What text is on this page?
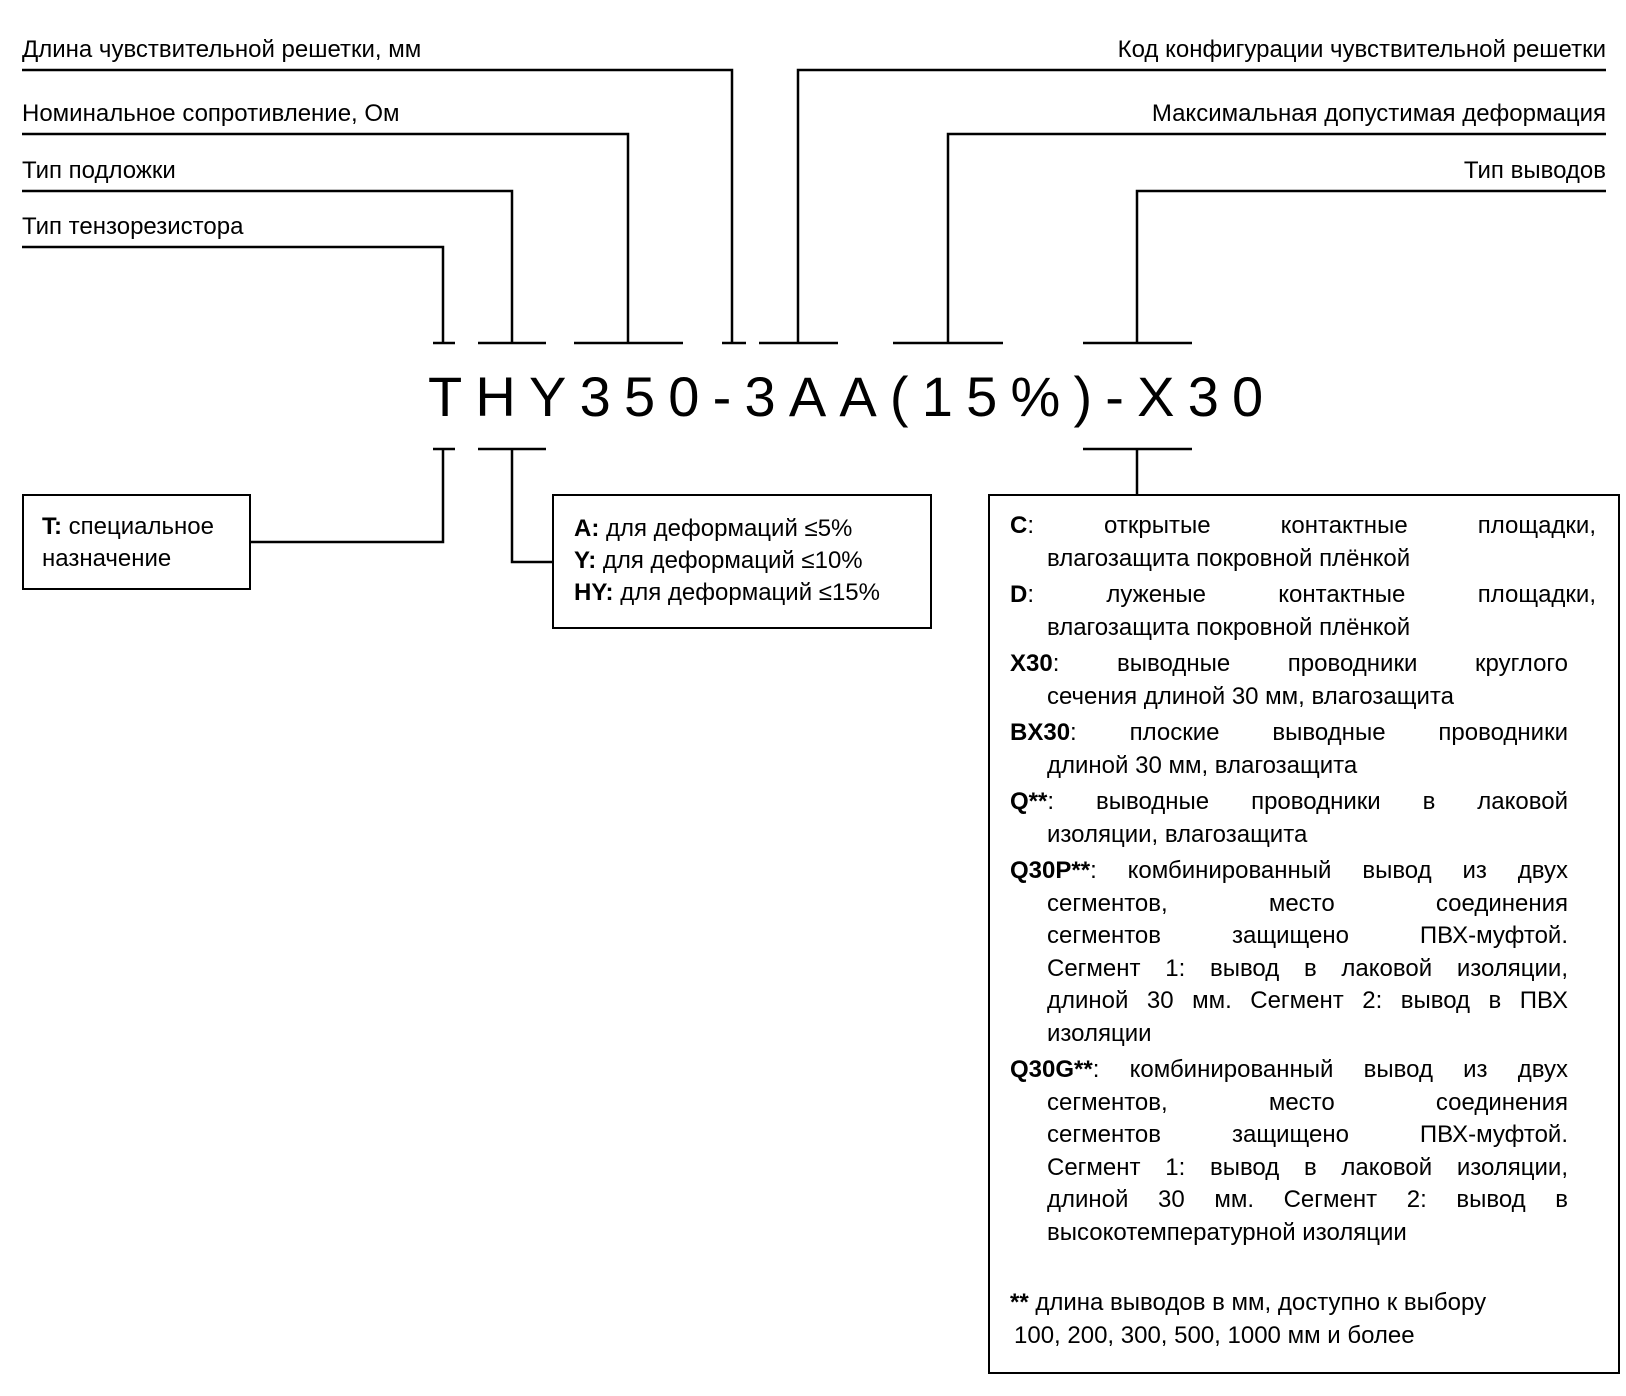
Длина чувствительной решетки, мм
Номинальное сопротивление, Ом
Тип подложки
Тип тензорезистора
Код конфигурации чувствительной решетки
Максимальная допустимая деформация
Тип выводов
THY350-3AA(15%)-X30
T: специальное
назначение
A: для деформаций ≤5%
Y: для деформаций ≤10%
HY: для деформаций ≤15%
C: открытые контактные площадки,
влагозащита покровной плёнкой
D: луженые контактные площадки,
влагозащита покровной плёнкой
X30: выводные проводники круглого
сечения длиной 30 мм, влагозащита
BX30: плоские выводные проводники
длиной 30 мм, влагозащита
Q**: выводные проводники в лаковой
изоляции, влагозащита
Q30P**: комбинированный вывод из двух
сегментов, место соединения
сегментов защищено ПВХ-муфтой.
Сегмент 1: вывод в лаковой изоляции,
длиной 30 мм. Сегмент 2: вывод в ПВХ
изоляции
Q30G**: комбинированный вывод из двух
сегментов, место соединения
сегментов защищено ПВХ-муфтой.
Сегмент 1: вывод в лаковой изоляции,
длиной 30 мм. Сегмент 2: вывод в
высокотемпературной изоляции
** длина выводов в мм, доступно к выбору
100, 200, 300, 500, 1000 мм и более
